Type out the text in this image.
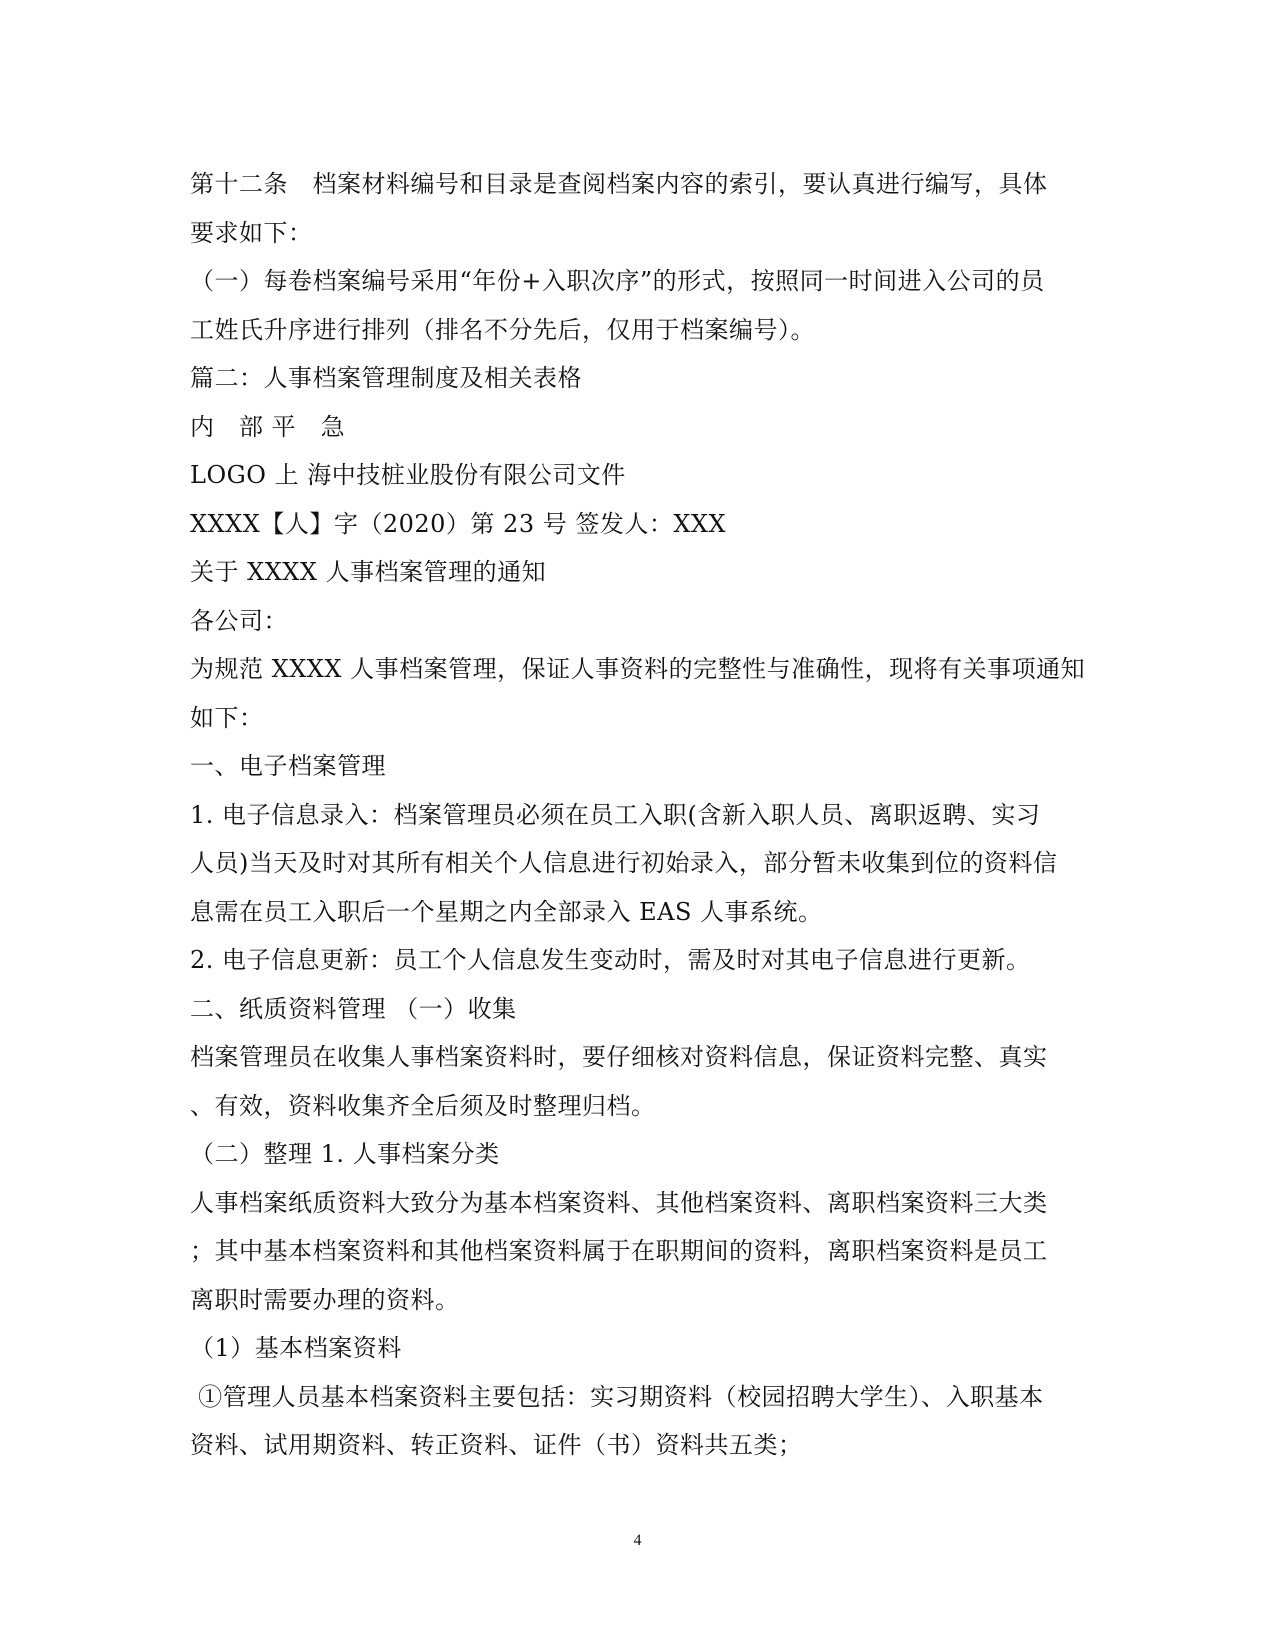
第十二条　档案材料编号和目录是查阅档案内容的索引，要认真进行编写，具体
要求如下：
（一）每卷档案编号采用“年份+入职次序”的形式，按照同一时间进入公司的员
工姓氏升序进行排列（排名不分先后，仅用于档案编号）。
篇二：人事档案管理制度及相关表格
内　部 平　急
LOGO 上 海中技桩业股份有限公司文件
XXXX【人】字（2020）第 23 号 签发人：XXX
关于 XXXX 人事档案管理的通知
各公司：
为规范 XXXX 人事档案管理，保证人事资料的完整性与准确性，现将有关事项通知
如下：
一、电子档案管理
1. 电子信息录入：档案管理员必须在员工入职(含新入职人员、离职返聘、实习
人员)当天及时对其所有相关个人信息进行初始录入，部分暂未收集到位的资料信
息需在员工入职后一个星期之内全部录入 EAS 人事系统。
2. 电子信息更新：员工个人信息发生变动时，需及时对其电子信息进行更新。
二、纸质资料管理 （一）收集
档案管理员在收集人事档案资料时，要仔细核对资料信息，保证资料完整、真实
、有效，资料收集齐全后须及时整理归档。
（二）整理 1. 人事档案分类
人事档案纸质资料大致分为基本档案资料、其他档案资料、离职档案资料三大类
；其中基本档案资料和其他档案资料属于在职期间的资料，离职档案资料是员工
离职时需要办理的资料。
（1）基本档案资料
①管理人员基本档案资料主要包括：实习期资料（校园招聘大学生）、入职基本
资料、试用期资料、转正资料、证件（书）资料共五类；
4
